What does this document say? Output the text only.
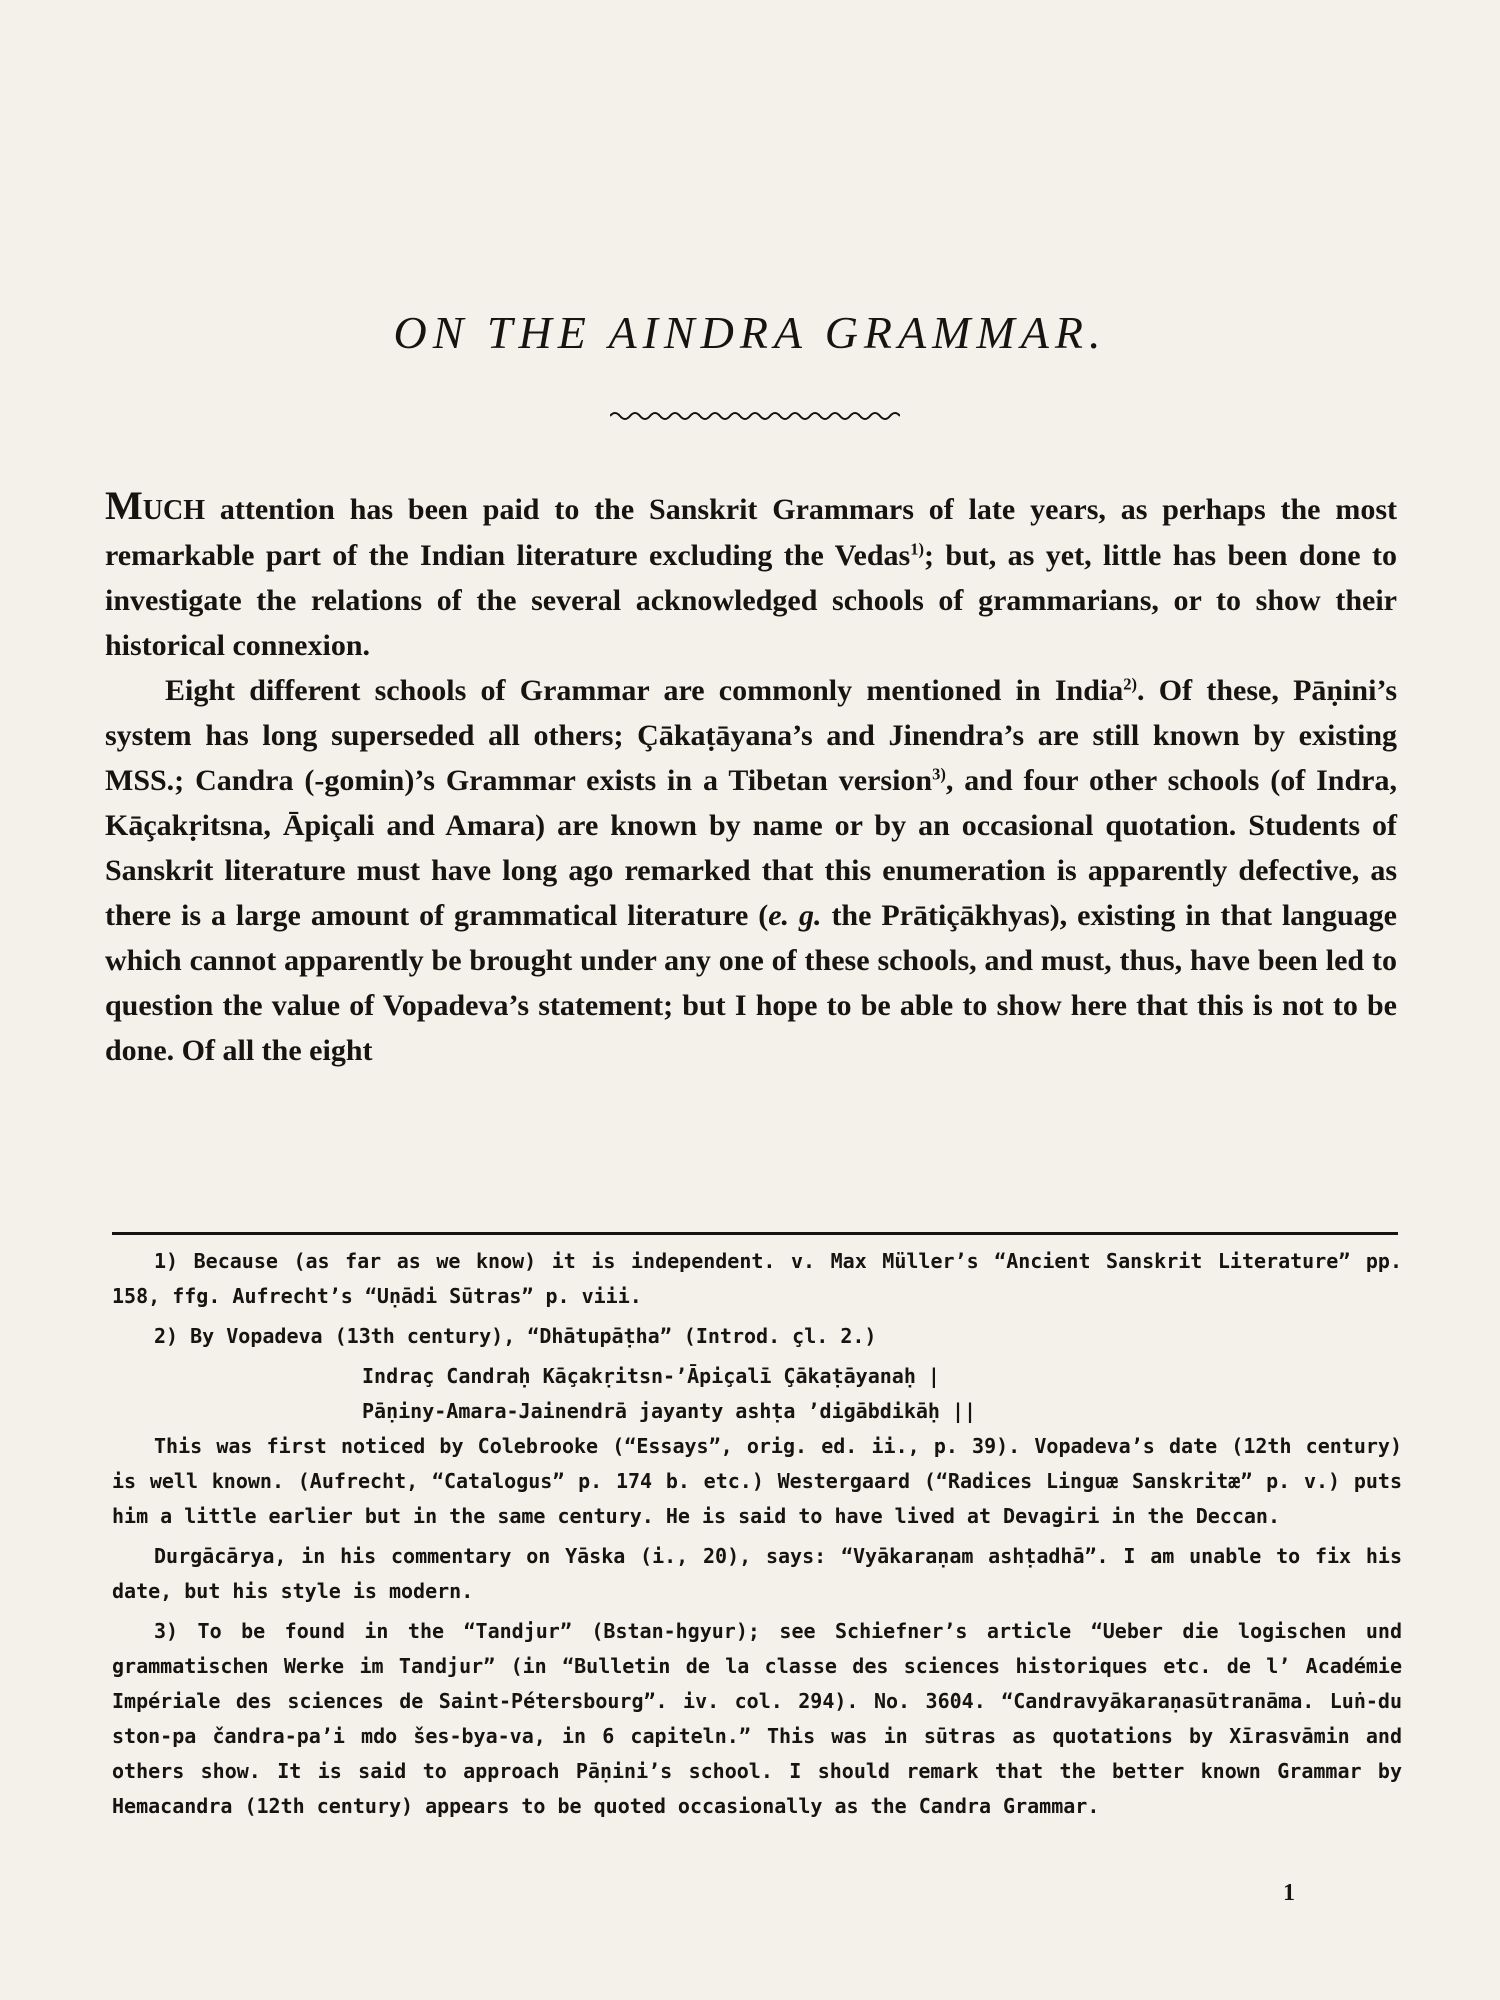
ON THE AINDRA GRAMMAR.

MUCH attention has been paid to the Sanskrit Grammars of late years, as perhaps the most remarkable part of the Indian literature excluding the Vedas$^{1)}$; but, as yet, little has been done to investigate the relations of the several acknowledged schools of grammarians, or to show their historical connexion.

Eight different schools of Grammar are commonly mentioned in India$^{2)}$. Of these, Pāṇini’s system has long superseded all others; Çākaṭāyana’s and Jinendra’s are still known by existing MSS.; Candra (-gomin)’s Grammar exists in a Tibetan version$^{3)}$, and four other schools (of Indra, Kāçakṛitsna, Āpiçali and Amara) are known by name or by an occasional quotation. Students of Sanskrit literature must have long ago remarked that this enumeration is apparently defective, as there is a large amount of grammatical literature (e. g. the Prātiçākhyas), existing in that language which cannot apparently be brought under any one of these schools, and must, thus, have been led to question the value of Vopadeva’s statement; but I hope to be able to show here that this is not to be done. Of all the eight

1) Because (as far as we know) it is independent. v. Max Müller’s “Ancient Sanskrit Literature” pp. 158, ffg. Aufrecht’s “Uṇādi Sūtras” p. viii.

2) By Vopadeva (13th century), “Dhātupāṭha” (Introd. çl. 2.)

Indraç Candraḥ Kāçakṛitsn-’Āpiçalī Çākaṭāyanaḥ |

Pāṇiny-Amara-Jainendrā jayanty ashṭa ’digābdikāḥ ||

This was first noticed by Colebrooke (“Essays”, orig. ed. ii., p. 39). Vopadeva’s date (12th century) is well known. (Aufrecht, “Catalogus” p. 174 b. etc.) Westergaard (“Radices Linguæ Sanskritæ” p. v.) puts him a little earlier but in the same century. He is said to have lived at Devagiri in the Deccan.

Durgācārya, in his commentary on Yāska (i., 20), says: “Vyākaraṇam ashṭadhā”. I am unable to fix his date, but his style is modern.

3) To be found in the “Tandjur” (Bstan-hgyur); see Schiefner’s article “Ueber die logischen und grammatischen Werke im Tandjur” (in “Bulletin de la classe des sciences historiques etc. de l’ Académie Impériale des sciences de Saint-Pétersbourg”. iv. col. 294). No. 3604. “Candravyākaraṇasūtranāma. Luṅ-du ston-pa čandra-pa’i mdo šes-bya-va, in 6 capiteln.” This was in sūtras as quotations by Xīrasvāmin and others show. It is said to approach Pāṇini’s school. I should remark that the better known Grammar by Hemacandra (12th century) appears to be quoted occasionally as the Candra Grammar.

1
